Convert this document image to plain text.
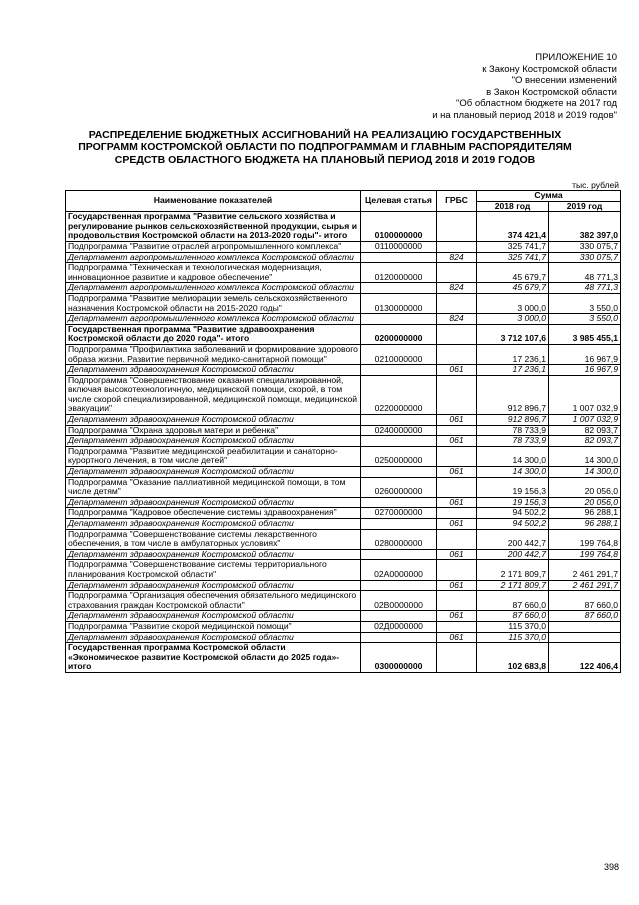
ПРИЛОЖЕНИЕ 10
к Закону Костромской области
"О внесении изменений
в Закон Костромской области
"Об областном бюджете на 2017 год
и на плановый период 2018 и 2019 годов"
РАСПРЕДЕЛЕНИЕ БЮДЖЕТНЫХ АССИГНОВАНИЙ НА РЕАЛИЗАЦИЮ ГОСУДАРСТВЕННЫХ
ПРОГРАММ КОСТРОМСКОЙ ОБЛАСТИ ПО ПОДПРОГРАММАМ И ГЛАВНЫМ РАСПОРЯДИТЕЛЯМ
СРЕДСТВ ОБЛАСТНОГО БЮДЖЕТА НА ПЛАНОВЫЙ ПЕРИОД 2018 И 2019 ГОДОВ
тыс. рублей
Наименование показателей	Целевая статья	ГРБС	Сумма	
			2018 год	2019 год
Государственная программа "Развитие сельского хозяйства и регулирование рынков сельскохозяйственной продукции, сырья и продовольствия Костромской области на 2013-2020 годы"- итого	0100000000		374 421,4	382 397,0
Подпрограмма "Развитие отраслей агропромышленного комплекса"	0110000000		325 741,7	330 075,7
Департамент агропромышленного комплекса Костромской области		824	325 741,7	330 075,7
Подпрограмма "Техническая и технологическая модернизация, инновационное развитие и кадровое обеспечение"	0120000000		45 679,7	48 771,3
Департамент агропромышленного комплекса Костромской области		824	45 679,7	48 771,3
Подпрограмма "Развитие мелиорации земель сельскохозяйственного назначения Костромской области на 2015-2020 годы"	0130000000		3 000,0	3 550,0
Департамент агропромышленного комплекса Костромской области		824	3 000,0	3 550,0
Государственная программа "Развитие здравоохранения Костромской области до 2020 года"- итого	0200000000		3 712 107,6	3 985 455,1
Подпрограмма "Профилактика заболеваний и формирование здорового образа жизни. Развитие первичной медико-санитарной помощи"	0210000000		17 236,1	16 967,9
Департамент здравоохранения Костромской области		061	17 236,1	16 967,9
Подпрограмма "Совершенствование оказания специализированной, включая высокотехнологичную, медицинской помощи, скорой, в том числе скорой специализированной, медицинской помощи, медицинской эвакуации"	0220000000		912 896,7	1 007 032,9
Департамент здравоохранения Костромской области		061	912 896,7	1 007 032,9
Подпрограмма "Охрана здоровья матери и ребенка"	0240000000		78 733,9	82 093,7
Департамент здравоохранения Костромской области		061	78 733,9	82 093,7
Подпрограмма "Развитие медицинской реабилитации и санаторно-курортного лечения, в том числе детей"	0250000000		14 300,0	14 300,0
Департамент здравоохранения Костромской области		061	14 300,0	14 300,0
Подпрограмма "Оказание паллиативной медицинской помощи, в том числе детям"	0260000000		19 156,3	20 056,0
Департамент здравоохранения Костромской области		061	19 156,3	20 056,0
Подпрограмма "Кадровое обеспечение системы здравоохранения"	0270000000		94 502,2	96 288,1
Департамент здравоохранения Костромской области		061	94 502,2	96 288,1
Подпрограмма "Совершенствование системы лекарственного обеспечения, в том числе в амбулаторных условиях"	0280000000		200 442,7	199 764,8
Департамент здравоохранения Костромской области		061	200 442,7	199 764,8
Подпрограмма "Совершенствование системы территориального планирования Костромской области"	02А0000000		2 171 809,7	2 461 291,7
Департамент здравоохранения Костромской области		061	2 171 809,7	2 461 291,7
Подпрограмма "Организация обеспечения обязательного медицинского страхования граждан Костромской области"	02В0000000		87 660,0	87 660,0
Департамент здравоохранения Костромской области		061	87 660,0	87 660,0
Подпрограмма "Развитие скорой медицинской помощи"	02Д0000000		115 370,0	
Департамент здравоохранения Костромской области		061	115 370,0	
Государственная программа Костромской области «Экономическое развитие Костромской области до 2025 года»- итого	0300000000		102 683,8	122 406,4
398
